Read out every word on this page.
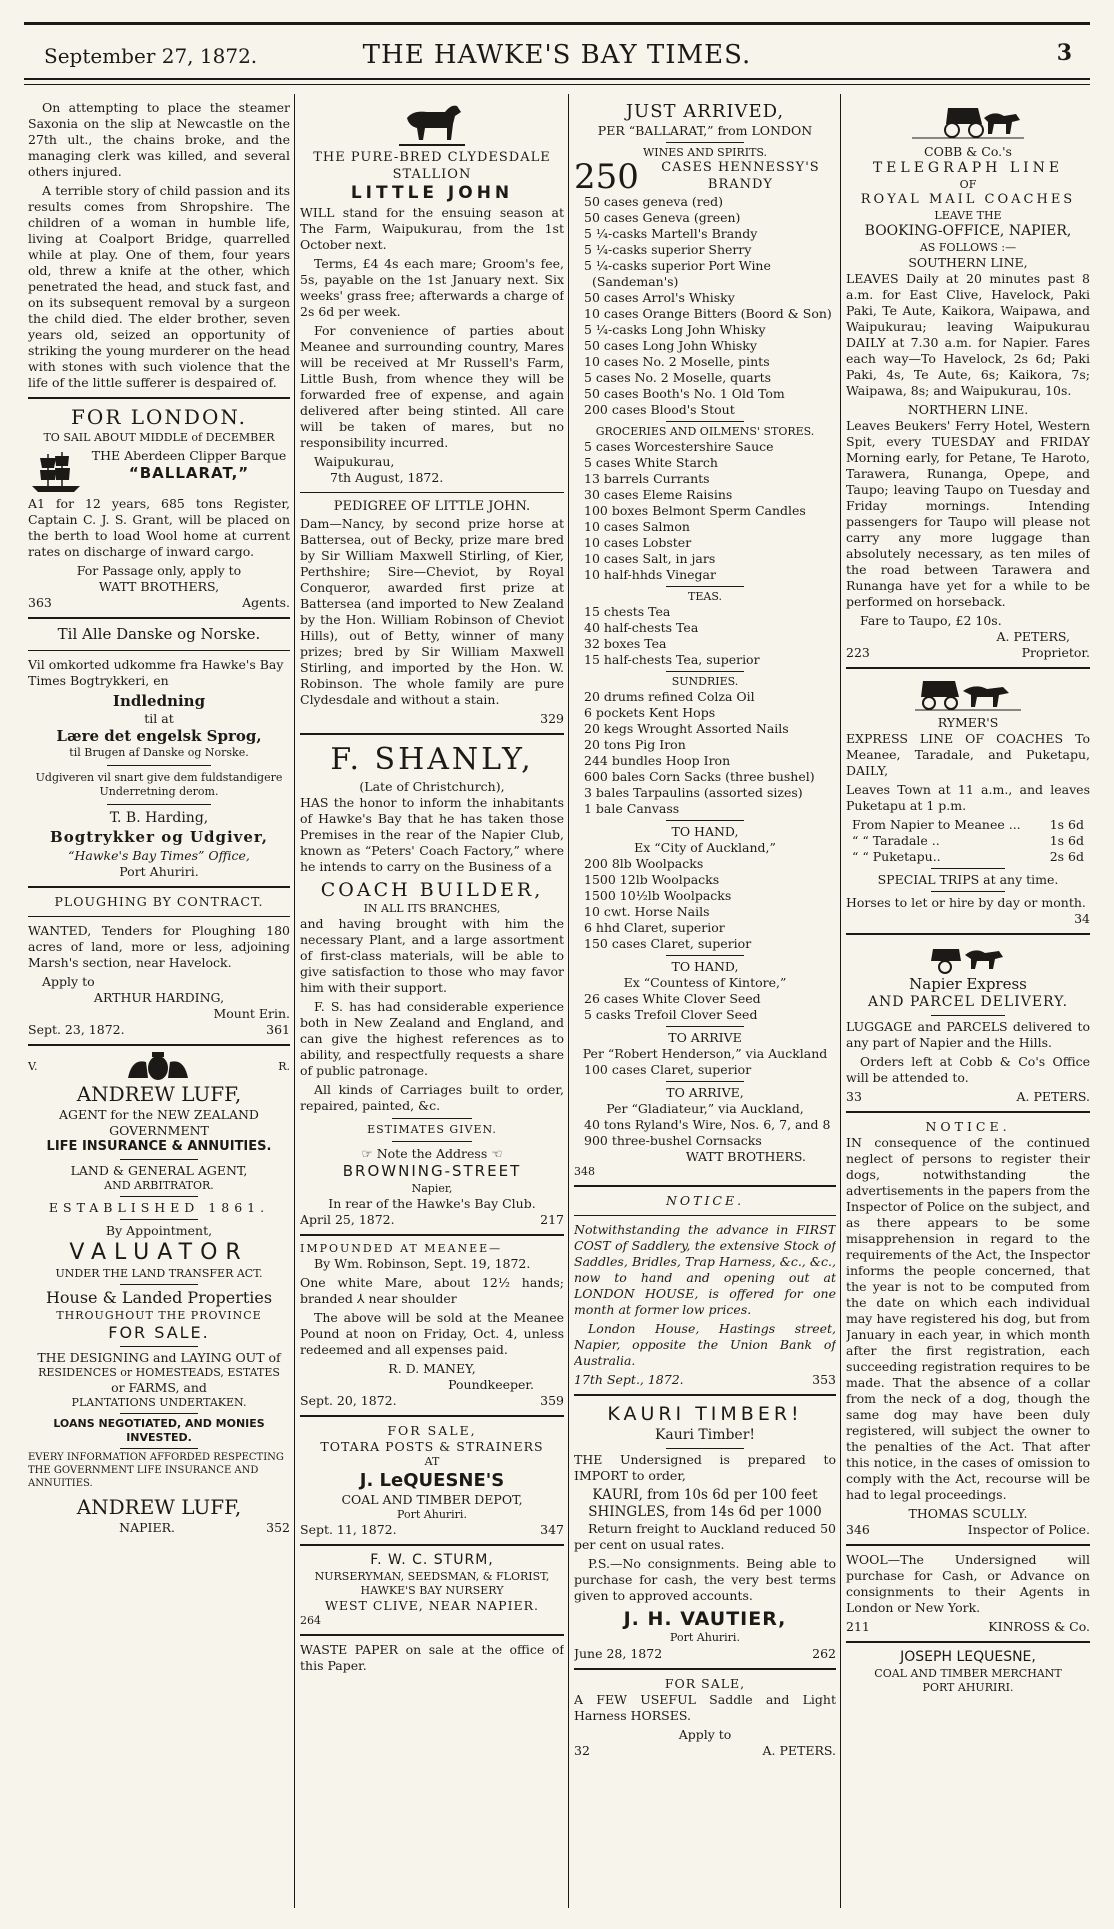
September 27, 1872.	THE HAWKE'S BAY TIMES.	3

On attempting to place the steamer Saxonia on the slip at Newcastle on the 27th ult., the chains broke, and the managing clerk was killed, and several others injured.

A terrible story of child passion and its results comes from Shropshire. The children of a woman in humble life, living at Coalport Bridge, quarrelled while at play. One of them, four years old, threw a knife at the other, which penetrated the head, and stuck fast, and on its subsequent removal by a surgeon the child died. The elder brother, seven years old, seized an opportunity of striking the young murderer on the head with stones with such violence that the life of the little sufferer is despaired of.

FOR LONDON.
TO SAIL ABOUT MIDDLE of DECEMBER
THE Aberdeen Clipper Barque
“BALLARAT,”

A1 for 12 years, 685 tons Register, Captain C. J. S. Grant, will be placed on the berth to load Wool home at current rates on discharge of inward cargo.

For Passage only, apply to
WATT BROTHERS,
363	Agents.
Til Alle Danske og Norske.

Vil omkorted udkomme fra Hawke's Bay Times Bogtrykkeri, en

Indledning
til at
Lære det engelsk Sprog,
til Brugen af Danske og Norske.

Udgiveren vil snart give dem fuldstandigere Underretning derom.

T. B. Harding,
Bogtrykker og Udgiver,
“Hawke's Bay Times” Office,
Port Ahuriri.
PLOUGHING BY CONTRACT.

WANTED, Tenders for Ploughing 180 acres of land, more or less, adjoining Marsh's section, near Havelock.

Apply to
ARTHUR HARDING,
Mount Erin.
Sept. 23, 1872.	361
V.	R.
ANDREW LUFF,
AGENT for the NEW ZEALAND GOVERNMENT
LIFE INSURANCE & ANNUITIES.
LAND & GENERAL AGENT,
AND ARBITRATOR.
ESTABLISHED 1861.
By Appointment,
VALUATOR
UNDER THE LAND TRANSFER ACT.
House & Landed Properties
THROUGHOUT THE PROVINCE
FOR SALE.
THE DESIGNING and LAYING OUT of
RESIDENCES or HOMESTEADS, ESTATES
or FARMS, and
PLANTATIONS UNDERTAKEN.
LOANS NEGOTIATED, AND MONIES INVESTED.
EVERY INFORMATION AFFORDED RESPECTING THE GOVERNMENT LIFE INSURANCE AND ANNUITIES.
ANDREW LUFF,
NAPIER.	352
THE PURE-BRED CLYDESDALE STALLION
LITTLE JOHN

WILL stand for the ensuing season at The Farm, Waipukurau, from the 1st October next.

Terms, £4 4s each mare; Groom's fee, 5s, payable on the 1st January next. Six weeks' grass free; afterwards a charge of 2s 6d per week.

For convenience of parties about Meanee and surrounding country, Mares will be received at Mr Russell's Farm, Little Bush, from whence they will be forwarded free of expense, and again delivered after being stinted. All care will be taken of mares, but no responsibility incurred.

Waipukurau,
7th August, 1872.
PEDIGREE OF LITTLE JOHN.

Dam—Nancy, by second prize horse at Battersea, out of Becky, prize mare bred by Sir William Maxwell Stirling, of Kier, Perthshire; Sire—Cheviot, by Royal Conqueror, awarded first prize at Battersea (and imported to New Zealand by the Hon. William Robinson of Cheviot Hills), out of Betty, winner of many prizes; bred by Sir William Maxwell Stirling, and imported by the Hon. W. Robinson. The whole family are pure Clydesdale and without a stain.

329
F. SHANLY,
(Late of Christchurch),

HAS the honor to inform the inhabitants of Hawke's Bay that he has taken those Premises in the rear of the Napier Club, known as “Peters' Coach Factory,” where he intends to carry on the Business of a

COACH BUILDER,
IN ALL ITS BRANCHES,

and having brought with him the necessary Plant, and a large assortment of first-class materials, will be able to give satisfaction to those who may favor him with their support.

F. S. has had considerable experience both in New Zealand and England, and can give the highest references as to ability, and respectfully requests a share of public patronage.

All kinds of Carriages built to order, repaired, painted, &c.

ESTIMATES GIVEN.
☞ Note the Address ☜
BROWNING-STREET
Napier,
In rear of the Hawke's Bay Club.
April 25, 1872.	217
IMPOUNDED AT MEANEE—

By Wm. Robinson, Sept. 19, 1872.

One white Mare, about 12½ hands; branded ⅄ near shoulder

The above will be sold at the Meanee Pound at noon on Friday, Oct. 4, unless redeemed and all expenses paid.

R. D. MANEY,
Poundkeeper.
Sept. 20, 1872.	359
FOR SALE,
TOTARA POSTS & STRAINERS
AT
J. LeQUESNE'S
COAL AND TIMBER DEPOT,
Port Ahuriri.
Sept. 11, 1872.	347
F. W. C. STURM,
NURSERYMAN, SEEDSMAN, & FLORIST,
HAWKE'S BAY NURSERY
WEST CLIVE, NEAR NAPIER.
264

WASTE PAPER on sale at the office of this Paper.

JUST ARRIVED,
PER “BALLARAT,” from LONDON
WINES AND SPIRITS.
250	CASES HENNESSY'S BRANDY
50 cases geneva (red)
50 cases Geneva (green)
5 ¼-casks Martell's Brandy
5 ¼-casks superior Sherry
5 ¼-casks superior Port Wine (Sandeman's)
50 cases Arrol's Whisky
10 cases Orange Bitters (Boord & Son)
5 ¼-casks Long John Whisky
50 cases Long John Whisky
10 cases No. 2 Moselle, pints
5 cases No. 2 Moselle, quarts
50 cases Booth's No. 1 Old Tom
200 cases Blood's Stout
GROCERIES AND OILMENS' STORES.
5 cases Worcestershire Sauce
5 cases White Starch
13 barrels Currants
30 cases Eleme Raisins
100 boxes Belmont Sperm Candles
10 cases Salmon
10 cases Lobster
10 cases Salt, in jars
10 half-hhds Vinegar
TEAS.
15 chests Tea
40 half-chests Tea
32 boxes Tea
15 half-chests Tea, superior
SUNDRIES.
20 drums refined Colza Oil
6 pockets Kent Hops
20 kegs Wrought Assorted Nails
20 tons Pig Iron
244 bundles Hoop Iron
600 bales Corn Sacks (three bushel)
3 bales Tarpaulins (assorted sizes)
1 bale Canvass
TO HAND,
Ex “City of Auckland,”
200 8lb Woolpacks
1500 12lb Woolpacks
1500 10½lb Woolpacks
10 cwt. Horse Nails
6 hhd Claret, superior
150 cases Claret, superior
TO HAND,
Ex “Countess of Kintore,”
26 cases White Clover Seed
5 casks Trefoil Clover Seed
TO ARRIVE
Per “Robert Henderson,” via Auckland
100 cases Claret, superior
TO ARRIVE,
Per “Gladiateur,” via Auckland,
40 tons Ryland's Wire, Nos. 6, 7, and 8
900 three-bushel Cornsacks
WATT BROTHERS.
348
NOTICE.

Notwithstanding the advance in FIRST COST of Saddlery, the extensive Stock of Saddles, Bridles, Trap Harness, &c., &c., now to hand and opening out at LONDON HOUSE, is offered for one month at former low prices.

London House, Hastings street, Napier, opposite the Union Bank of Australia.

17th Sept., 1872.	353
KAURI TIMBER!
Kauri Timber!

THE Undersigned is prepared to IMPORT to order,

KAURI, from 10s 6d per 100 feet
SHINGLES, from 14s 6d per 1000

Return freight to Auckland reduced 50 per cent on usual rates.

P.S.—No consignments. Being able to purchase for cash, the very best terms given to approved accounts.

J. H. VAUTIER,
Port Ahuriri.
June 28, 1872	262
FOR SALE,

A FEW USEFUL Saddle and Light Harness HORSES.

Apply to
32	A. PETERS.
COBB & Co.'s
TELEGRAPH LINE
OF
ROYAL MAIL COACHES
LEAVE THE
BOOKING-OFFICE, NAPIER,
AS FOLLOWS :—
SOUTHERN LINE,

LEAVES Daily at 20 minutes past 8 a.m. for East Clive, Havelock, Paki Paki, Te Aute, Kaikora, Waipawa, and Waipukurau; leaving Waipukurau DAILY at 7.30 a.m. for Napier. Fares each way—To Havelock, 2s 6d; Paki Paki, 4s, Te Aute, 6s; Kaikora, 7s; Waipawa, 8s; and Waipukurau, 10s.

NORTHERN LINE.

Leaves Beukers' Ferry Hotel, Western Spit, every TUESDAY and FRIDAY Morning early, for Petane, Te Haroto, Tarawera, Runanga, Opepe, and Taupo; leaving Taupo on Tuesday and Friday mornings. Intending passengers for Taupo will please not carry any more luggage than absolutely necessary, as ten miles of the road between Tarawera and Runanga have yet for a while to be performed on horseback.

Fare to Taupo, £2 10s.
A. PETERS,
223	Proprietor.
RYMER'S

EXPRESS LINE OF COACHES To Meanee, Taradale, and Puketapu, DAILY,

Leaves Town at 11 a.m., and leaves Puketapu at 1 p.m.

From Napier to Meanee ... 1s 6d
“ “ Taradale ..	1s 6d
“ “ Puketapu..	2s 6d
SPECIAL TRIPS at any time.
Horses to let or hire by day or month.
34
Napier Express
AND PARCEL DELIVERY.

LUGGAGE and PARCELS delivered to any part of Napier and the Hills.

Orders left at Cobb & Co's Office will be attended to.

33	A. PETERS.
NOTICE.

IN consequence of the continued neglect of persons to register their dogs, notwithstanding the advertisements in the papers from the Inspector of Police on the subject, and as there appears to be some misapprehension in regard to the requirements of the Act, the Inspector informs the people concerned, that the year is not to be computed from the date on which each individual may have registered his dog, but from January in each year, in which month after the first registration, each succeeding registration requires to be made. That the absence of a collar from the neck of a dog, though the same dog may have been duly registered, will subject the owner to the penalties of the Act. That after this notice, in the cases of omission to comply with the Act, recourse will be had to legal proceedings.

THOMAS SCULLY.
346	Inspector of Police.

WOOL—The Undersigned will purchase for Cash, or Advance on consignments to their Agents in London or New York.

211	KINROSS & Co.
JOSEPH LEQUESNE,
COAL AND TIMBER MERCHANT
PORT AHURIRI.
